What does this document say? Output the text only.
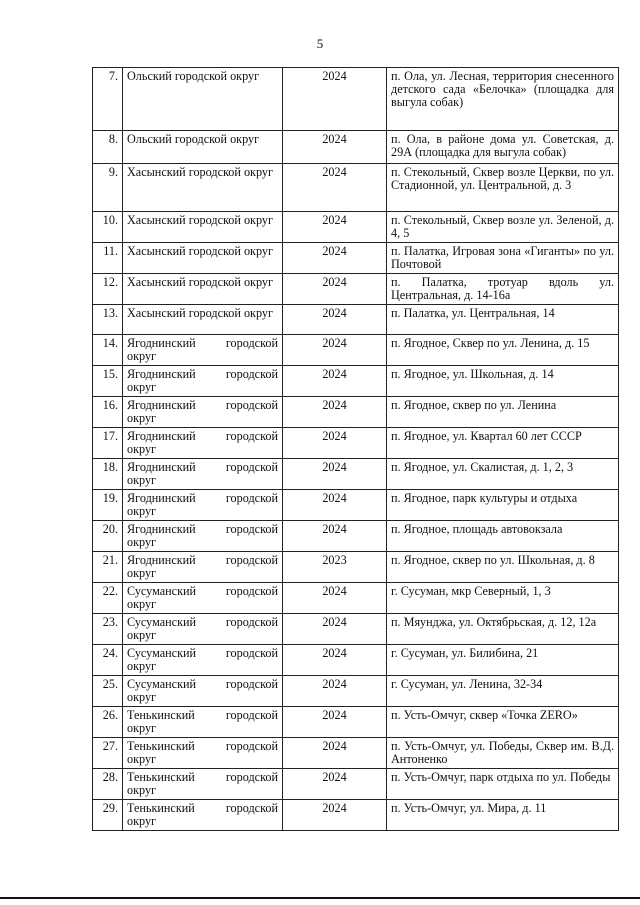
5
7.	Ольский городской округ	2024	п. Ола, ул. Лесная, территория снесенного детского сада «Белочка» (площадка для выгула собак)
8.	Ольский городской округ	2024	п. Ола, в районе дома ул. Советская, д. 29А (площадка для выгула собак)
9.	Хасынский городской округ	2024	п. Стекольный, Сквер возле Церкви, по ул. Стадионной, ул. Центральной, д. 3
10.	Хасынский городской округ	2024	п. Стекольный, Сквер возле ул. Зеленой, д. 4, 5
11.	Хасынский городской округ	2024	п. Палатка, Игровая зона «Гиганты» по ул. Почтовой
12.	Хасынский городской округ	2024	п. Палатка, тротуар вдоль ул. Центральная, д. 14-16а
13.	Хасынский городской округ	2024	п. Палатка, ул. Центральная, 14
14.	Ягоднинский городской округ	2024	п. Ягодное, Сквер по ул. Ленина, д. 15
15.	Ягоднинский городской округ	2024	п. Ягодное, ул. Школьная, д. 14
16.	Ягоднинский городской округ	2024	п. Ягодное, сквер по ул. Ленина
17.	Ягоднинский городской округ	2024	п. Ягодное, ул. Квартал 60 лет СССР
18.	Ягоднинский городской округ	2024	п. Ягодное, ул. Скалистая, д. 1, 2, 3
19.	Ягоднинский городской округ	2024	п. Ягодное, парк культуры и отдыха
20.	Ягоднинский городской округ	2024	п. Ягодное, площадь автовокзала
21.	Ягоднинский городской округ	2023	п. Ягодное, сквер по ул. Школьная, д. 8
22.	Сусуманский городской округ	2024	г. Сусуман, мкр Северный, 1, 3
23.	Сусуманский городской округ	2024	п. Мяунджа, ул. Октябрьская, д. 12, 12а
24.	Сусуманский городской округ	2024	г. Сусуман, ул. Билибина, 21
25.	Сусуманский городской округ	2024	г. Сусуман, ул. Ленина, 32-34
26.	Тенькинский городской округ	2024	п. Усть-Омчуг, сквер «Точка ZERO»
27.	Тенькинский городской округ	2024	п. Усть-Омчуг, ул. Победы, Сквер им. В.Д. Антоненко
28.	Тенькинский городской округ	2024	п. Усть-Омчуг, парк отдыха по ул. Победы
29.	Тенькинский городской округ	2024	п. Усть-Омчуг, ул. Мира, д. 11
